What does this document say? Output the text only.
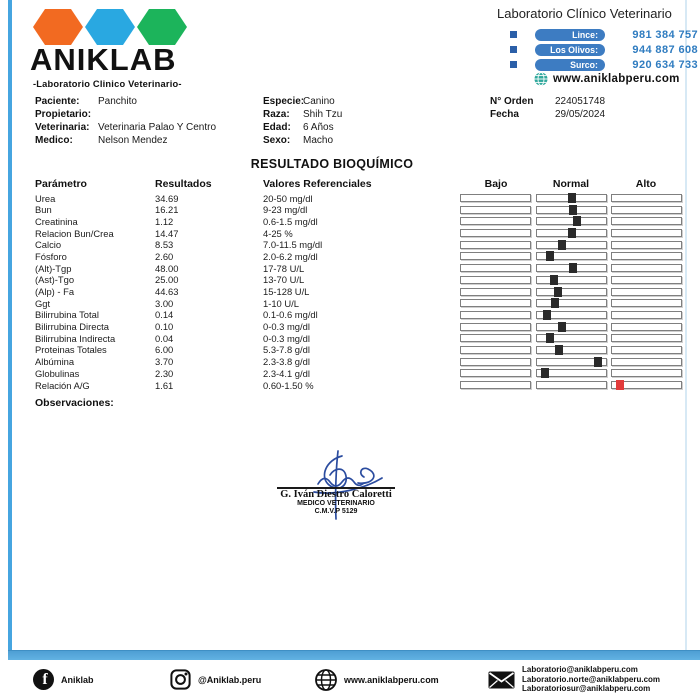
ANIKLAB
-Laboratorio Clinico Veterinario-
Laboratorio Clínico Veterinario
Lince:	981 384 757
Los Olivos:	944 887 608
Surco:	920 634 733
www.aniklabperu.com
Paciente:	Panchito
Propietario:
Veterinaria: Veterinaria Palao Y Centro
Medico:	Nelson Mendez
Especie:
Canino
Raza:	Shih Tzu
Edad:	6 Años
Sexo:	Macho
N° Orden	224051748
Fecha	29/05/2024
RESULTADO BIOQUÍMICO
Parámetro	Resultados	Valores Referenciales	Bajo	Normal	Alto
Urea	34.69	20-50 mg/dl
Bun	16.21	9-23 mg/dl
Creatinina	1.12	0.6-1.5 mg/dl
Relacion Bun/Crea	14.47	4-25 %
Calcio	8.53	7.0-11.5 mg/dl
Fósforo	2.60	2.0-6.2 mg/dl
(Alt)-Tgp	48.00	17-78 U/L
(Ast)-Tgo	25.00	13-70 U/L
(Alp) - Fa	44.63	15-128 U/L
Ggt	3.00	1-10 U/L
Bilirrubina Total	0.14	0.1-0.6 mg/dl
Bilirrubina Directa	0.10	0-0.3 mg/dl
Bilirrubina Indirecta	0.04	0-0.3 mg/dl
Proteinas Totales	6.00	5.3-7.8 g/dl
Albúmina	3.70	2.3-3.8 g/dl
Globulinas	2.30	2.3-4.1 g/dl
Relación A/G	1.61	0.60-1.50 %
Observaciones:
G. Iván Diestro Caloretti
MEDICO VETERINARIO
C.M.V.P 5129
f	Aniklab	@Aniklab.peru	www.aniklabperu.com
Laboratorio@aniklabperu.com
Laboratorio.norte@aniklabperu.com
Laboratoriosur@aniklabperu.com
